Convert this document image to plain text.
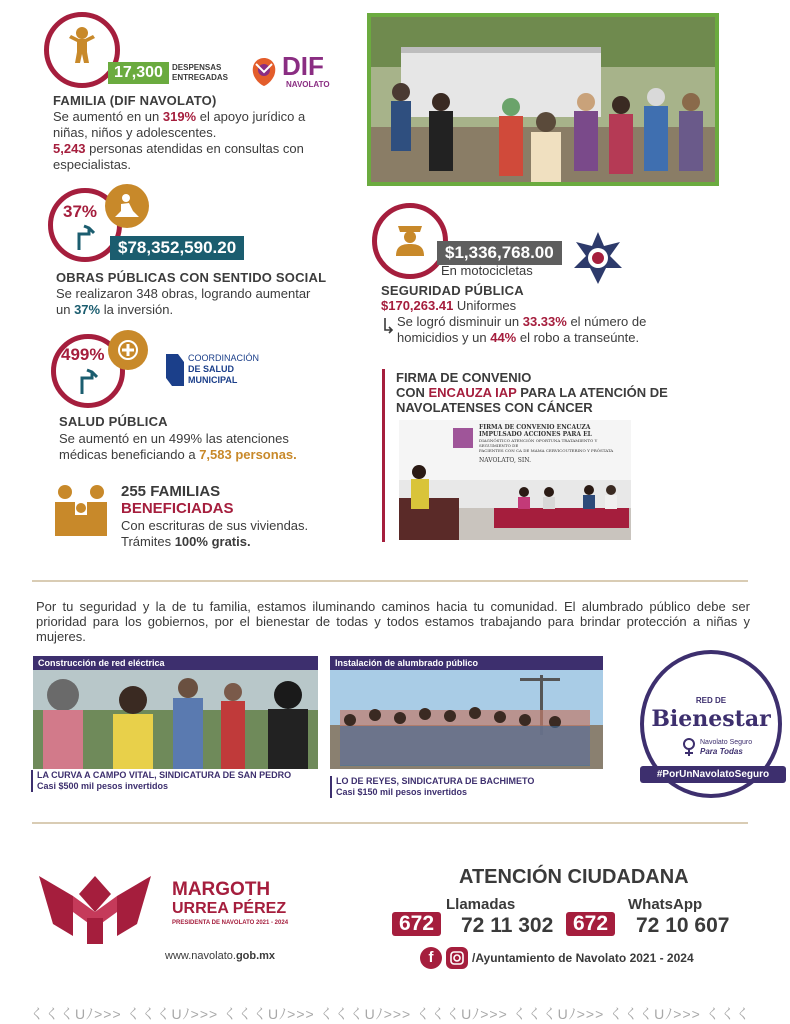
17,300	DESPENSAS
ENTREGADAS DIF
NAVOLATO
FAMILIA (DIF NAVOLATO)
Se aumentó en un 319% el apoyo jurídico a
niñas, niños y adolescentes.
5,243 personas atendidas en consultas con
especialistas.
37%
$78,352,590.20
OBRAS PÚBLICAS CON SENTIDO SOCIAL
Se realizaron 348 obras, logrando aumentar
un 37% la inversión.
$1,336,768.00
En motocicletas
SEGURIDAD PÚBLICA
$170,263.41 Uniformes
Se logró disminuir un 33.33% el número de
homicidios y un 44% el robo a transeúnte.
499%	COORDINACIÓN
DE SALUD
MUNICIPAL
SALUD PÚBLICA
Se aumentó en un 499% las atenciones
médicas beneficiando a 7,583 personas.
FIRMA DE CONVENIO
CON ENCAUZA IAP PARA LA ATENCIÓN DE
NAVOLATENSES CON CÁNCER
FIRMA DE CONVENIO ENCAUZA IMPULSADO ACCIONES PARA EL
DIAGNÓSTICO ATENCIÓN OPORTUNA TRATAMIENTO Y SEGUIMIENTO DE
PACIENTES CON CA DE MAMA CERVICOUTERINO Y PRÓSTATA
NAVOLATO, SIN.
255 FAMILIAS
BENEFICIADAS
Con escrituras de sus viviendas.
Trámites 100% gratis.
Por tu seguridad y la de tu familia, estamos iluminando caminos hacia tu comunidad. El alumbrado público debe ser prioridad para los gobiernos, por el bienestar de todas y todos estamos trabajando para brindar protección a niñas y mujeres.
Construcción de red eléctrica
LA CURVA A CAMPO VITAL, SINDICATURA DE SAN PEDRO
Casi $500 mil pesos invertidos
Instalación de alumbrado público
LO DE REYES, SINDICATURA DE BACHIMETO
Casi $150 mil pesos invertidos
RED DE
Bienestar
Navolato Seguro
Para Todas
#PorUnNavolatoSeguro
MARGOTH
URREA PÉREZ
PRESIDENTA DE NAVOLATO 2021 - 2024
www.navolato.gob.mx
ATENCIÓN CIUDADANA
Llamadas	WhatsApp
672	72 11 302 672	72 10 607
f	/Ayuntamiento de Navolato 2021 - 2024
くくくUﾉ>>> くくくUﾉ>>> くくくUﾉ>>> くくくUﾉ>>> くくくUﾉ>>> くくくUﾉ>>> くくくUﾉ>>> くくく
